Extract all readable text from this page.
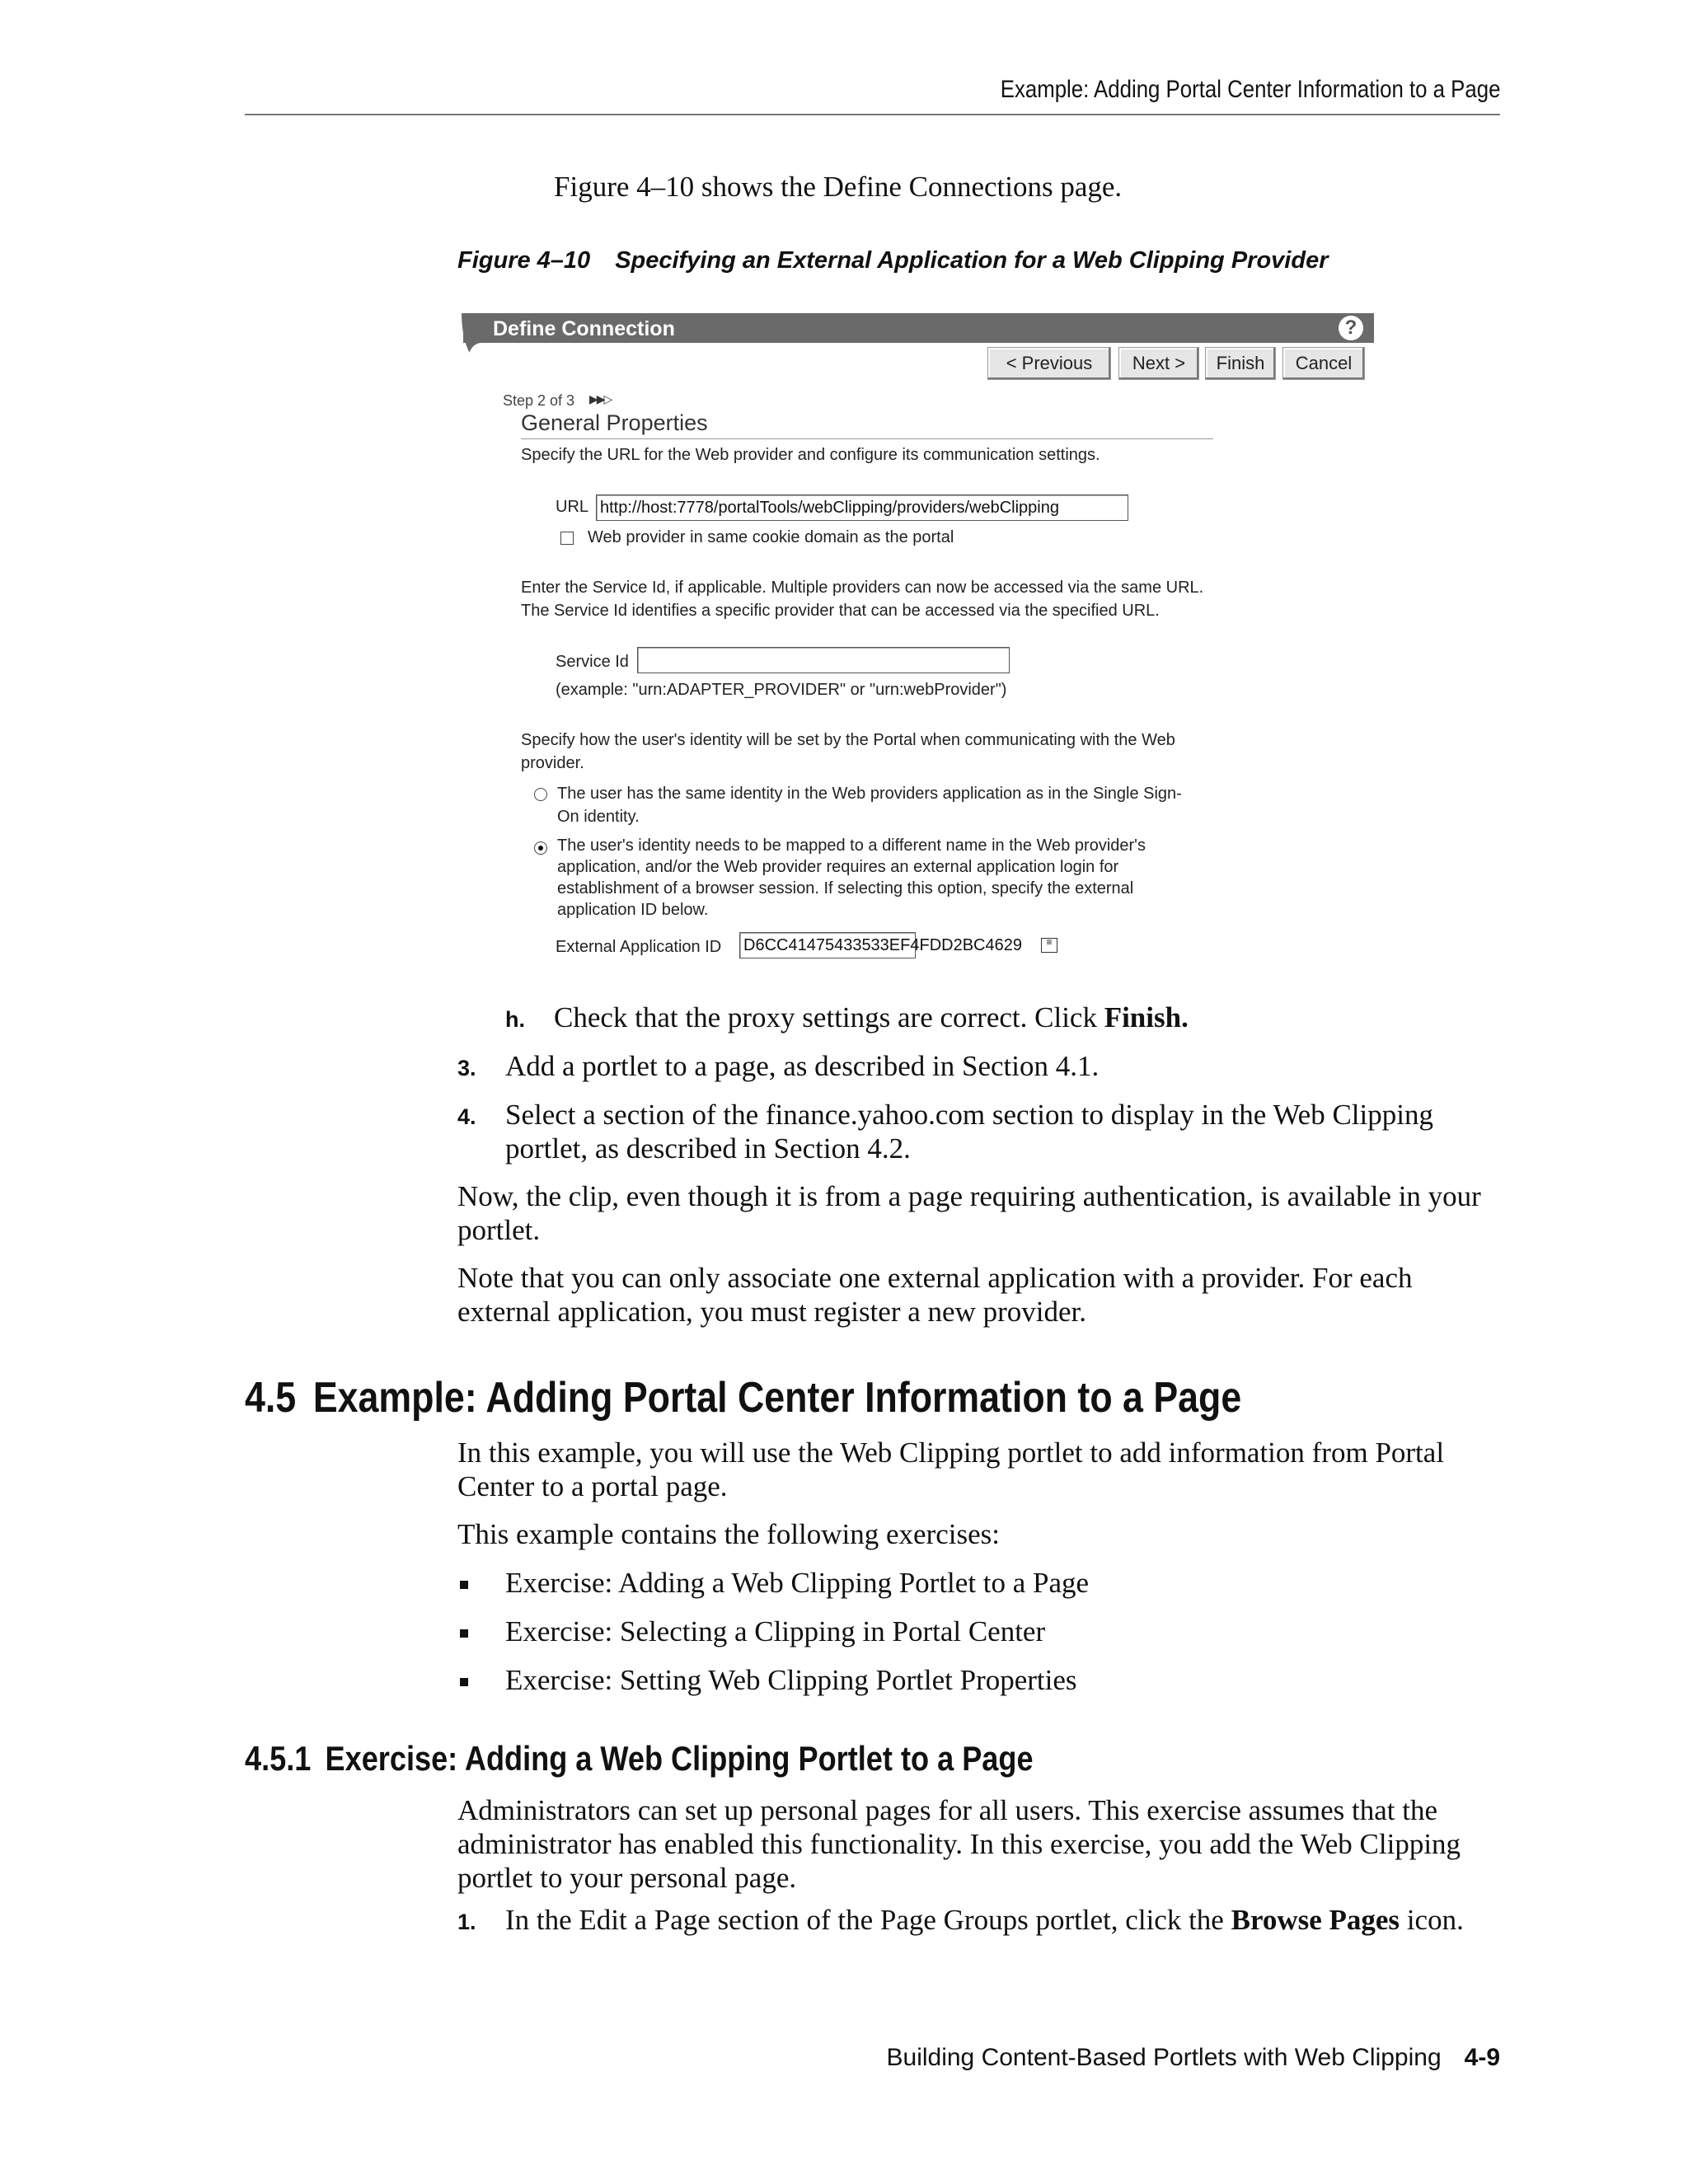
Example: Adding Portal Center Information to a Page
Figure 4–10 shows the Define Connections page.
Figure 4–10 Specifying an External Application for a Web Clipping Provider
Define Connection	?
< Previous	Next >	Finish	Cancel
Step 2 of 3 ▶▶▷
General Properties
Specify the URL for the Web provider and configure its communication settings.
URL http://host:7778/portalTools/webClipping/providers/webClipping
Web provider in same cookie domain as the portal
Enter the Service Id, if applicable. Multiple providers can now be accessed via the same URL. The Service Id identifies a specific provider that can be accessed via the specified URL.
Service Id
(example: "urn:ADAPTER_PROVIDER" or "urn:webProvider")
Specify how the user's identity will be set by the Portal when communicating with the Web provider.
The user has the same identity in the Web providers application as in the Single Sign-On identity.
The user's identity needs to be mapped to a different name in the Web provider's application, and/or the Web provider requires an external application login for establishment of a browser session. If selecting this option, specify the external application ID below.
External Application ID D6CC41475433533EF4FDD2BC4629	≡
h. Check that the proxy settings are correct. Click Finish.
3. Add a portlet to a page, as described in Section 4.1.
4. Select a section of the finance.yahoo.com section to display in the Web Clipping portlet, as described in Section 4.2.
Now, the clip, even though it is from a page requiring authentication, is available in your portlet.
Note that you can only associate one external application with a provider. For each external application, you must register a new provider.
4.5 Example: Adding Portal Center Information to a Page
In this example, you will use the Web Clipping portlet to add information from Portal Center to a portal page.
This example contains the following exercises:
Exercise: Adding a Web Clipping Portlet to a Page
Exercise: Selecting a Clipping in Portal Center
Exercise: Setting Web Clipping Portlet Properties
4.5.1 Exercise: Adding a Web Clipping Portlet to a Page
Administrators can set up personal pages for all users. This exercise assumes that the administrator has enabled this functionality. In this exercise, you add the Web Clipping portlet to your personal page.
1. In the Edit a Page section of the Page Groups portlet, click the Browse Pages icon.
Building Content-Based Portlets with Web Clipping 4-9
